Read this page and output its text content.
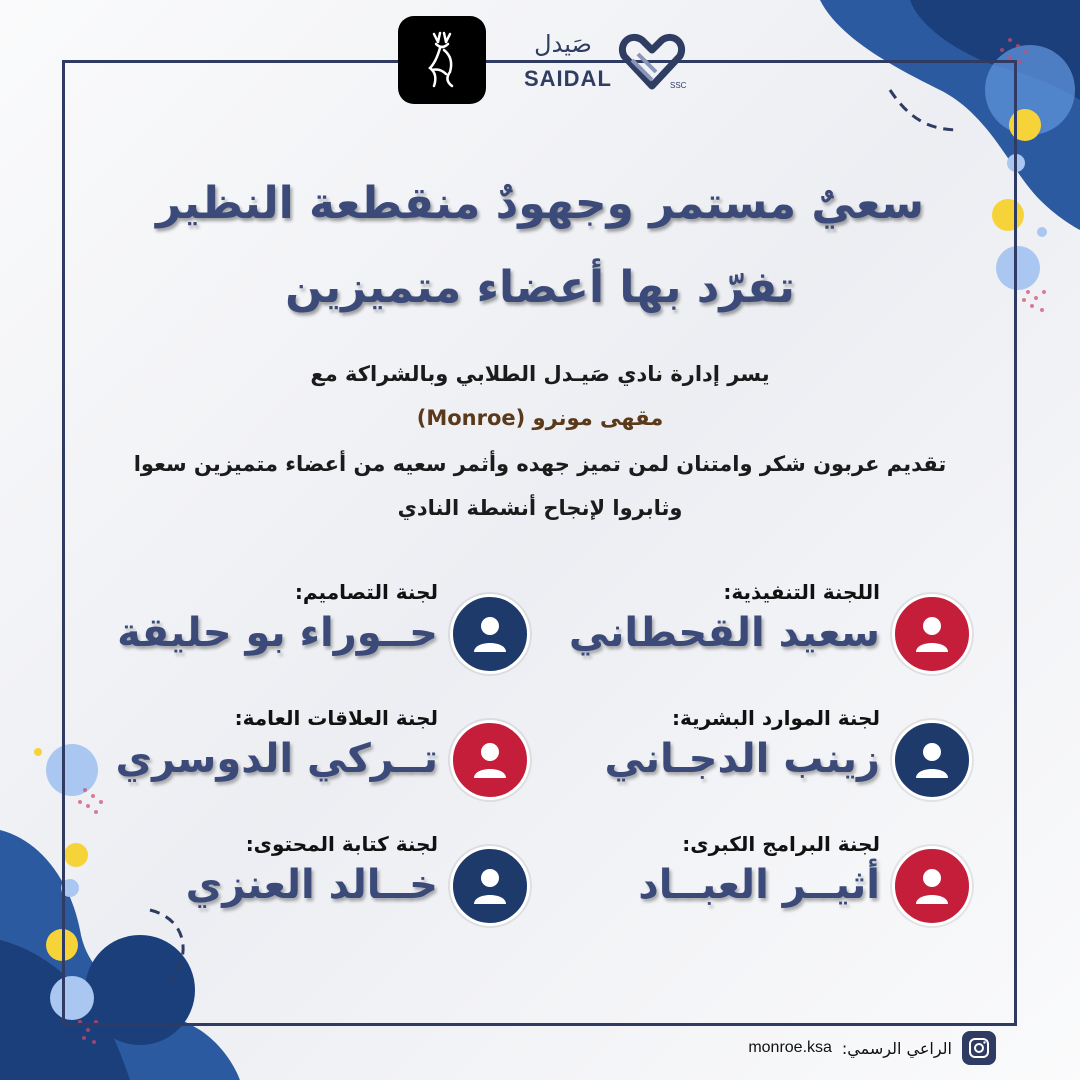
صَيدل
SAIDAL	SSC
سعيٌ مستمر وجهودٌ منقطعة النظير
تفرّد بها أعضاء متميزين
يسر إدارة نادي صَيـدل الطلابي وبالشراكة مع
مقهى مونرو (Monroe)
تقديم عربون شكر وامتنان لمن تميز جهده وأثمر سعيه من أعضاء متميزين سعوا
وثابروا لإنجاح أنشطة النادي
اللجنة التنفيذية:
سعيد القحطاني
لجنة التصاميم:
حــوراء بو حليقة
لجنة الموارد البشرية:
زينب الدجـاني
لجنة العلاقات العامة:
تــركي الدوسري
لجنة البرامج الكبرى:
أثيــر العبــاد
لجنة كتابة المحتوى:
خــالد العنزي
الراعي الرسمي:
monroe.ksa
